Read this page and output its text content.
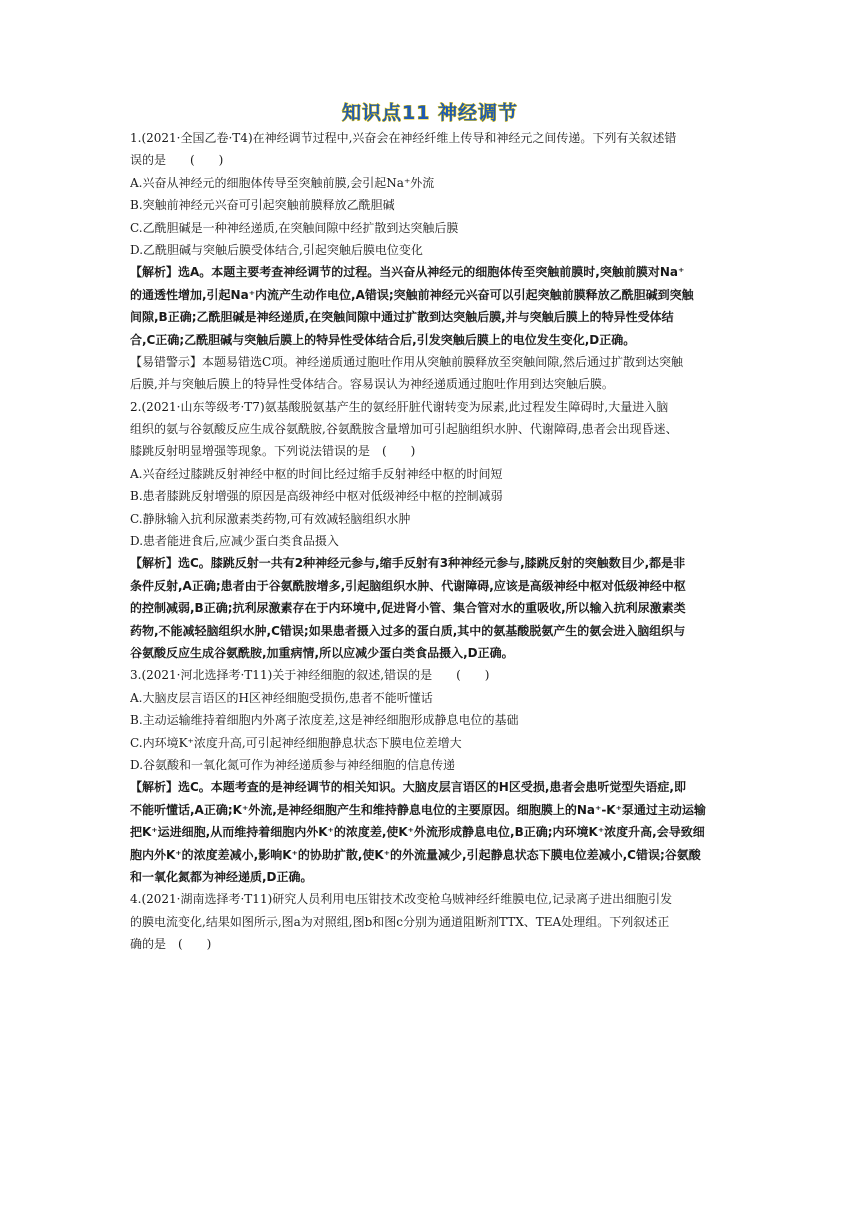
知识点11 神经调节
1.(2021·全国乙卷·T4)在神经调节过程中,兴奋会在神经纤维上传导和神经元之间传递。下列有关叙述错
误的是　　(　　)
A.兴奋从神经元的细胞体传导至突触前膜,会引起Na⁺外流
B.突触前神经元兴奋可引起突触前膜释放乙酰胆碱
C.乙酰胆碱是一种神经递质,在突触间隙中经扩散到达突触后膜
D.乙酰胆碱与突触后膜受体结合,引起突触后膜电位变化
【解析】选A。本题主要考查神经调节的过程。当兴奋从神经元的细胞体传至突触前膜时,突触前膜对Na⁺
的通透性增加,引起Na⁺内流产生动作电位,A错误;突触前神经元兴奋可以引起突触前膜释放乙酰胆碱到突触
间隙,B正确;乙酰胆碱是神经递质,在突触间隙中通过扩散到达突触后膜,并与突触后膜上的特异性受体结
合,C正确;乙酰胆碱与突触后膜上的特异性受体结合后,引发突触后膜上的电位发生变化,D正确。
【易错警示】本题易错选C项。神经递质通过胞吐作用从突触前膜释放至突触间隙,然后通过扩散到达突触
后膜,并与突触后膜上的特异性受体结合。容易误认为神经递质通过胞吐作用到达突触后膜。
2.(2021·山东等级考·T7)氨基酸脱氨基产生的氨经肝脏代谢转变为尿素,此过程发生障碍时,大量进入脑
组织的氨与谷氨酸反应生成谷氨酰胺,谷氨酰胺含量增加可引起脑组织水肿、代谢障碍,患者会出现昏迷、
膝跳反射明显增强等现象。下列说法错误的是　(　　)
A.兴奋经过膝跳反射神经中枢的时间比经过缩手反射神经中枢的时间短
B.患者膝跳反射增强的原因是高级神经中枢对低级神经中枢的控制减弱
C.静脉输入抗利尿激素类药物,可有效减轻脑组织水肿
D.患者能进食后,应减少蛋白类食品摄入
【解析】选C。膝跳反射一共有2种神经元参与,缩手反射有3种神经元参与,膝跳反射的突触数目少,都是非
条件反射,A正确;患者由于谷氨酰胺增多,引起脑组织水肿、代谢障碍,应该是高级神经中枢对低级神经中枢
的控制减弱,B正确;抗利尿激素存在于内环境中,促进肾小管、集合管对水的重吸收,所以输入抗利尿激素类
药物,不能减轻脑组织水肿,C错误;如果患者摄入过多的蛋白质,其中的氨基酸脱氨产生的氨会进入脑组织与
谷氨酸反应生成谷氨酰胺,加重病情,所以应减少蛋白类食品摄入,D正确。
3.(2021·河北选择考·T11)关于神经细胞的叙述,错误的是　　(　　)
A.大脑皮层言语区的H区神经细胞受损伤,患者不能听懂话
B.主动运输维持着细胞内外离子浓度差,这是神经细胞形成静息电位的基础
C.内环境K⁺浓度升高,可引起神经细胞静息状态下膜电位差增大
D.谷氨酸和一氧化氮可作为神经递质参与神经细胞的信息传递
【解析】选C。本题考查的是神经调节的相关知识。大脑皮层言语区的H区受损,患者会患听觉型失语症,即
不能听懂话,A正确;K⁺外流,是神经细胞产生和维持静息电位的主要原因。细胞膜上的Na⁺-K⁺泵通过主动运输
把K⁺运进细胞,从而维持着细胞内外K⁺的浓度差,使K⁺外流形成静息电位,B正确;内环境K⁺浓度升高,会导致细
胞内外K⁺的浓度差减小,影响K⁺的协助扩散,使K⁺的外流量减少,引起静息状态下膜电位差减小,C错误;谷氨酸
和一氧化氮都为神经递质,D正确。
4.(2021·湖南选择考·T11)研究人员利用电压钳技术改变枪乌贼神经纤维膜电位,记录离子进出细胞引发
的膜电流变化,结果如图所示,图a为对照组,图b和图c分别为通道阻断剂TTX、TEA处理组。下列叙述正
确的是　(　　)
